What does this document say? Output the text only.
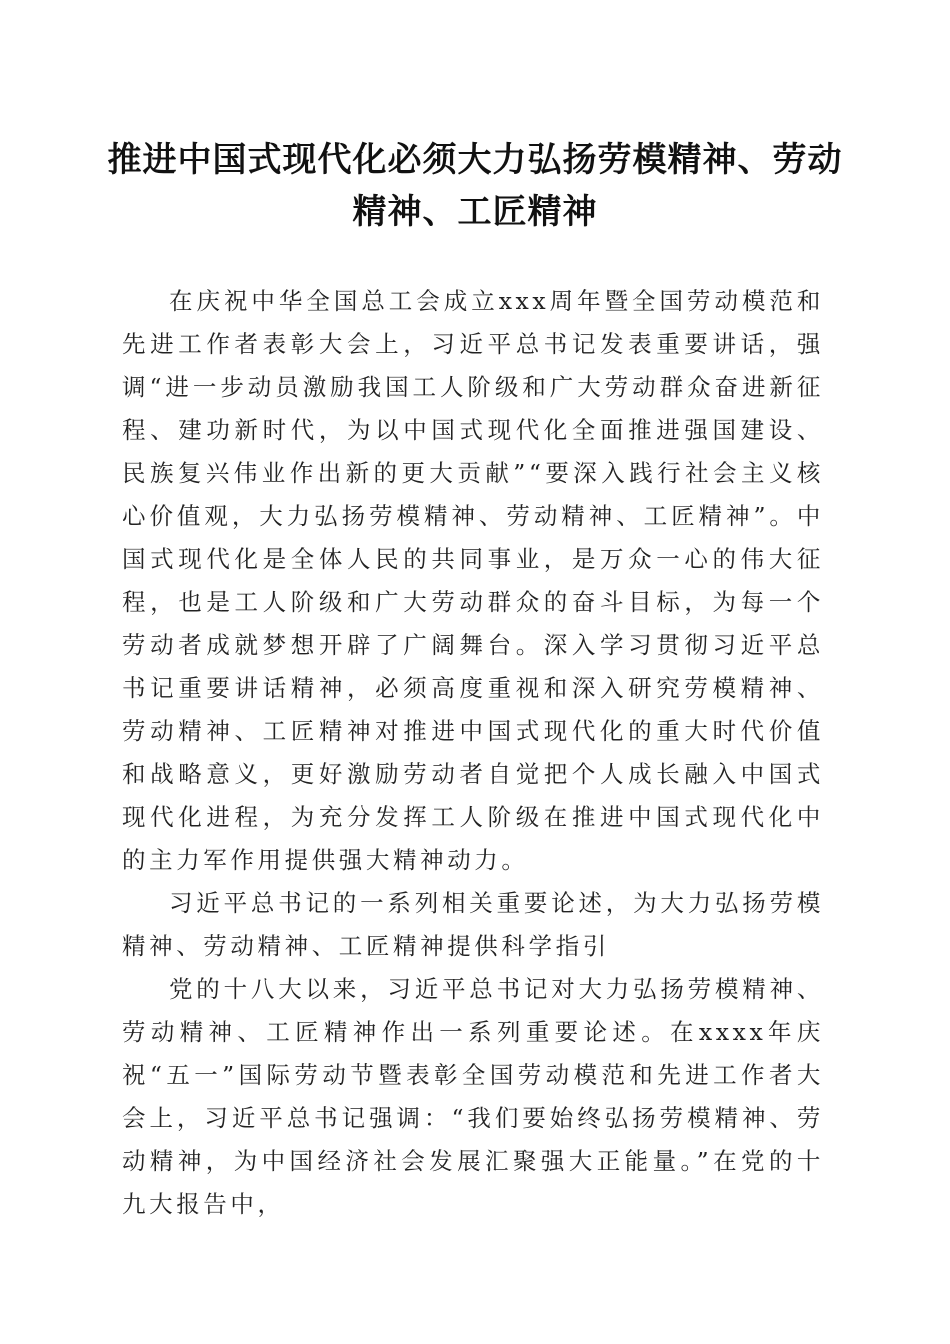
推进中国式现代化必须大力弘扬劳模精神、劳动精神、工匠精神

在庆祝中华全国总工会成立xxx周年暨全国劳动模范和先进工作者表彰大会上，习近平总书记发表重要讲话，强调“进一步动员激励我国工人阶级和广大劳动群众奋进新征程、建功新时代，为以中国式现代化全面推进强国建设、民族复兴伟业作出新的更大贡献”“要深入践行社会主义核心价值观，大力弘扬劳模精神、劳动精神、工匠精神”。中国式现代化是全体人民的共同事业，是万众一心的伟大征程，也是工人阶级和广大劳动群众的奋斗目标，为每一个劳动者成就梦想开辟了广阔舞台。深入学习贯彻习近平总书记重要讲话精神，必须高度重视和深入研究劳模精神、劳动精神、工匠精神对推进中国式现代化的重大时代价值和战略意义，更好激励劳动者自觉把个人成长融入中国式现代化进程，为充分发挥工人阶级在推进中国式现代化中的主力军作用提供强大精神动力。

习近平总书记的一系列相关重要论述，为大力弘扬劳模精神、劳动精神、工匠精神提供科学指引

党的十八大以来，习近平总书记对大力弘扬劳模精神、劳动精神、工匠精神作出一系列重要论述。在xxxx年庆祝“五一”国际劳动节暨表彰全国劳动模范和先进工作者大会上，习近平总书记强调：“我们要始终弘扬劳模精神、劳动精神，为中国经济社会发展汇聚强大正能量。”在党的十九大报告中，
